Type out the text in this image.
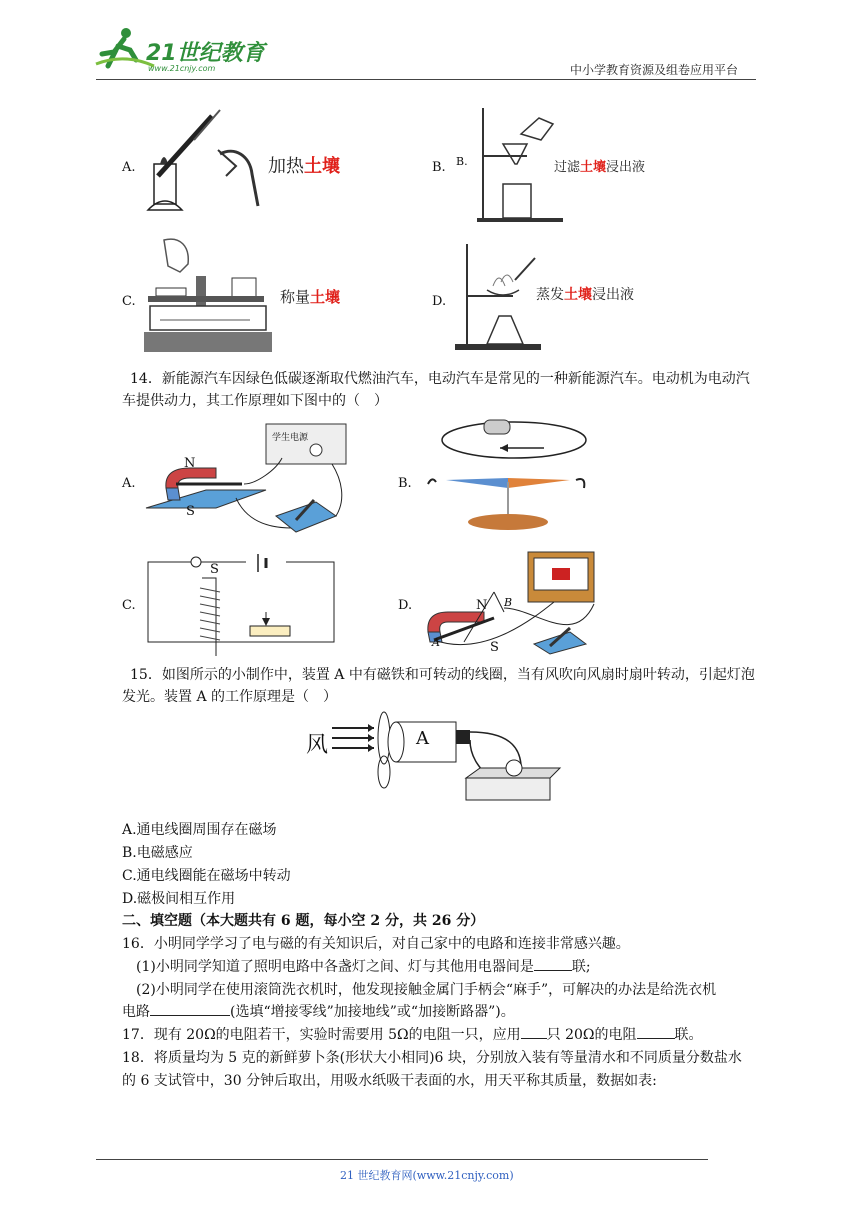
21世纪教育
www.21cnjy.com	中小学教育资源及组卷应用平台
A.	加热土壤	B. B.	过滤土壤浸出液
C.	称量土壤	D.	蒸发土壤浸出液
14．新能源汽车因绿色低碳逐渐取代燃油汽车，电动汽车是常见的一种新能源汽车。电动机为电动汽
车提供动力，其工作原理如下图中的（　）
A.
学生电源
N
S
B.
C.
S
D.	N B
S
A
15．如图所示的小制作中，装置 A 中有磁铁和可转动的线圈，当有风吹向风扇时扇叶转动，引起灯泡
发光。装置 A 的工作原理是（　）
风	A
A.通电线圈周围存在磁场
B.电磁感应
C.通电线圈能在磁场中转动
D.磁极间相互作用
二、填空题（本大题共有 6 题，每小空 2 分，共 26 分）
16．小明同学学习了电与磁的有关知识后，对自己家中的电路和连接非常感兴趣。
(1)小明同学知道了照明电路中各盏灯之间、灯与其他用电器间是	联;
(2)小明同学在使用滚筒洗衣机时，他发现接触金属门手柄会“麻手”，可解决的办法是给洗衣机
电路	(选填“增接零线”加接地线”或“加接断路器”)。
17．现有 20Ω的电阻若干，实验时需要用 5Ω的电阻一只，应用 只 20Ω的电阻	联。
18．将质量均为 5 克的新鲜萝卜条(形状大小相同)6 块，分别放入装有等量清水和不同质量分数盐水
的 6 支试管中，30 分钟后取出，用吸水纸吸干表面的水，用天平称其质量，数据如表:
21 世纪教育网(www.21cnjy.com)
